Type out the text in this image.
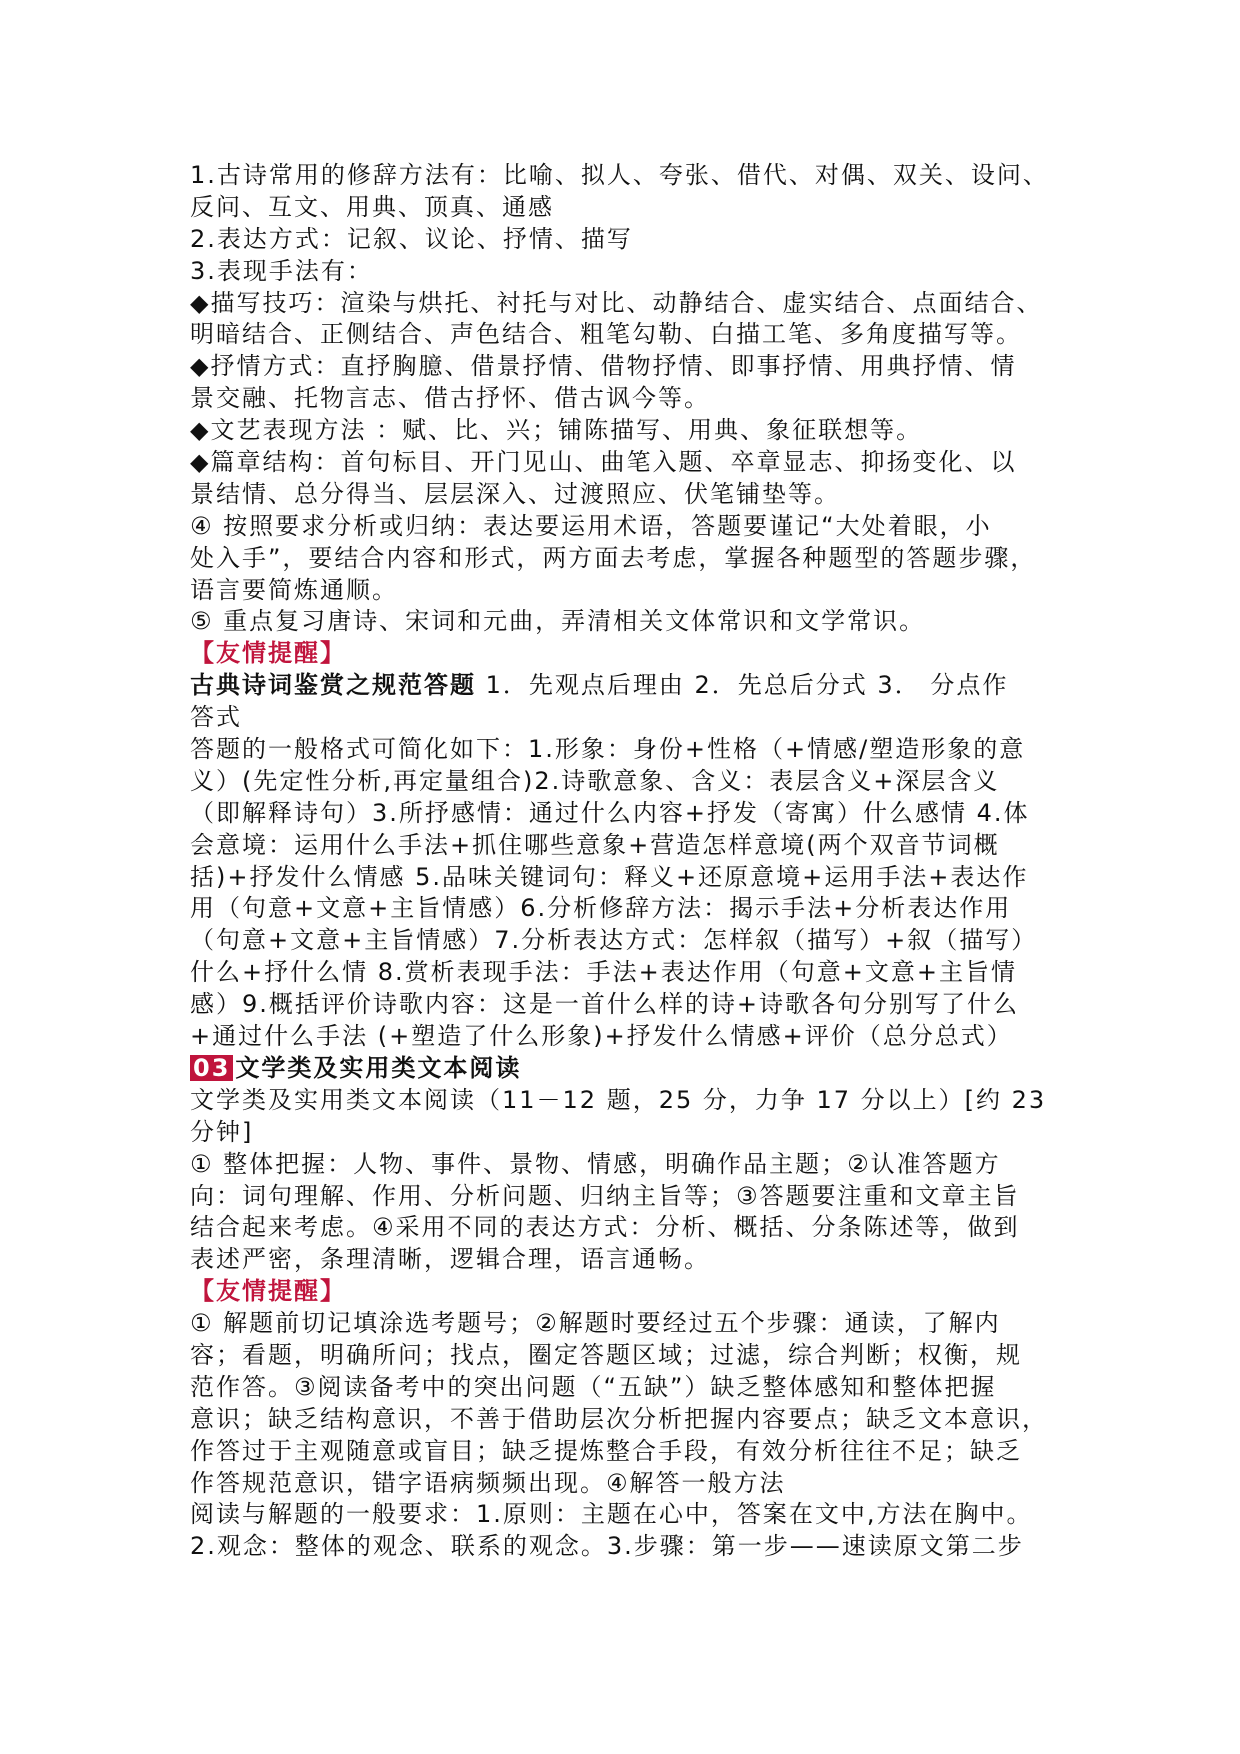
1.古诗常用的修辞方法有：比喻、拟人、夸张、借代、对偶、双关、设问、
反问、互文、用典、顶真、通感
2.表达方式：记叙、议论、抒情、描写
3.表现手法有：
◆描写技巧：渲染与烘托、衬托与对比、动静结合、虚实结合、点面结合、
明暗结合、正侧结合、声色结合、粗笔勾勒、白描工笔、多角度描写等。
◆抒情方式：直抒胸臆、借景抒情、借物抒情、即事抒情、用典抒情、情
景交融、托物言志、借古抒怀、借古讽今等。
◆文艺表现方法 ：赋、比、兴；铺陈描写、用典、象征联想等。
◆篇章结构：首句标目、开门见山、曲笔入题、卒章显志、抑扬变化、以
景结情、总分得当、层层深入、过渡照应、伏笔铺垫等。
④ 按照要求分析或归纳：表达要运用术语，答题要谨记“大处着眼，小
处入手”，要结合内容和形式，两方面去考虑，掌握各种题型的答题步骤，
语言要简炼通顺。
⑤ 重点复习唐诗、宋词和元曲，弄清相关文体常识和文学常识。
【友情提醒】
古典诗词鉴赏之规范答题 1．先观点后理由 2．先总后分式 3． 分点作
答式
答题的一般格式可简化如下：1.形象：身份+性格（+情感/塑造形象的意
义）(先定性分析,再定量组合)2.诗歌意象、含义：表层含义+深层含义
（即解释诗句）3.所抒感情：通过什么内容+抒发（寄寓）什么感情 4.体
会意境：运用什么手法+抓住哪些意象+营造怎样意境(两个双音节词概
括)+抒发什么情感 5.品味关键词句：释义+还原意境+运用手法+表达作
用（句意+文意+主旨情感）6.分析修辞方法：揭示手法+分析表达作用
（句意+文意+主旨情感）7.分析表达方式：怎样叙（描写）+叙（描写）
什么+抒什么情 8.赏析表现手法：手法+表达作用（句意+文意+主旨情
感）9.概括评价诗歌内容：这是一首什么样的诗+诗歌各句分别写了什么
+通过什么手法 (+塑造了什么形象)+抒发什么情感+评价（总分总式）
03 文学类及实用类文本阅读
文学类及实用类文本阅读（11－12 题，25 分，力争 17 分以上）[约 23
分钟]
① 整体把握：人物、事件、景物、情感，明确作品主题；②认准答题方
向：词句理解、作用、分析问题、归纳主旨等；③答题要注重和文章主旨
结合起来考虑。④采用不同的表达方式：分析、概括、分条陈述等，做到
表述严密，条理清晰，逻辑合理，语言通畅。
【友情提醒】
① 解题前切记填涂选考题号；②解题时要经过五个步骤：通读，了解内
容；看题，明确所问；找点，圈定答题区域；过滤，综合判断；权衡，规
范作答。③阅读备考中的突出问题（“五缺”）缺乏整体感知和整体把握
意识；缺乏结构意识，不善于借助层次分析把握内容要点；缺乏文本意识，
作答过于主观随意或盲目；缺乏提炼整合手段，有效分析往往不足；缺乏
作答规范意识，错字语病频频出现。④解答一般方法
阅读与解题的一般要求：1.原则：主题在心中，答案在文中,方法在胸中。
2.观念：整体的观念、联系的观念。3.步骤：第一步——速读原文第二步
